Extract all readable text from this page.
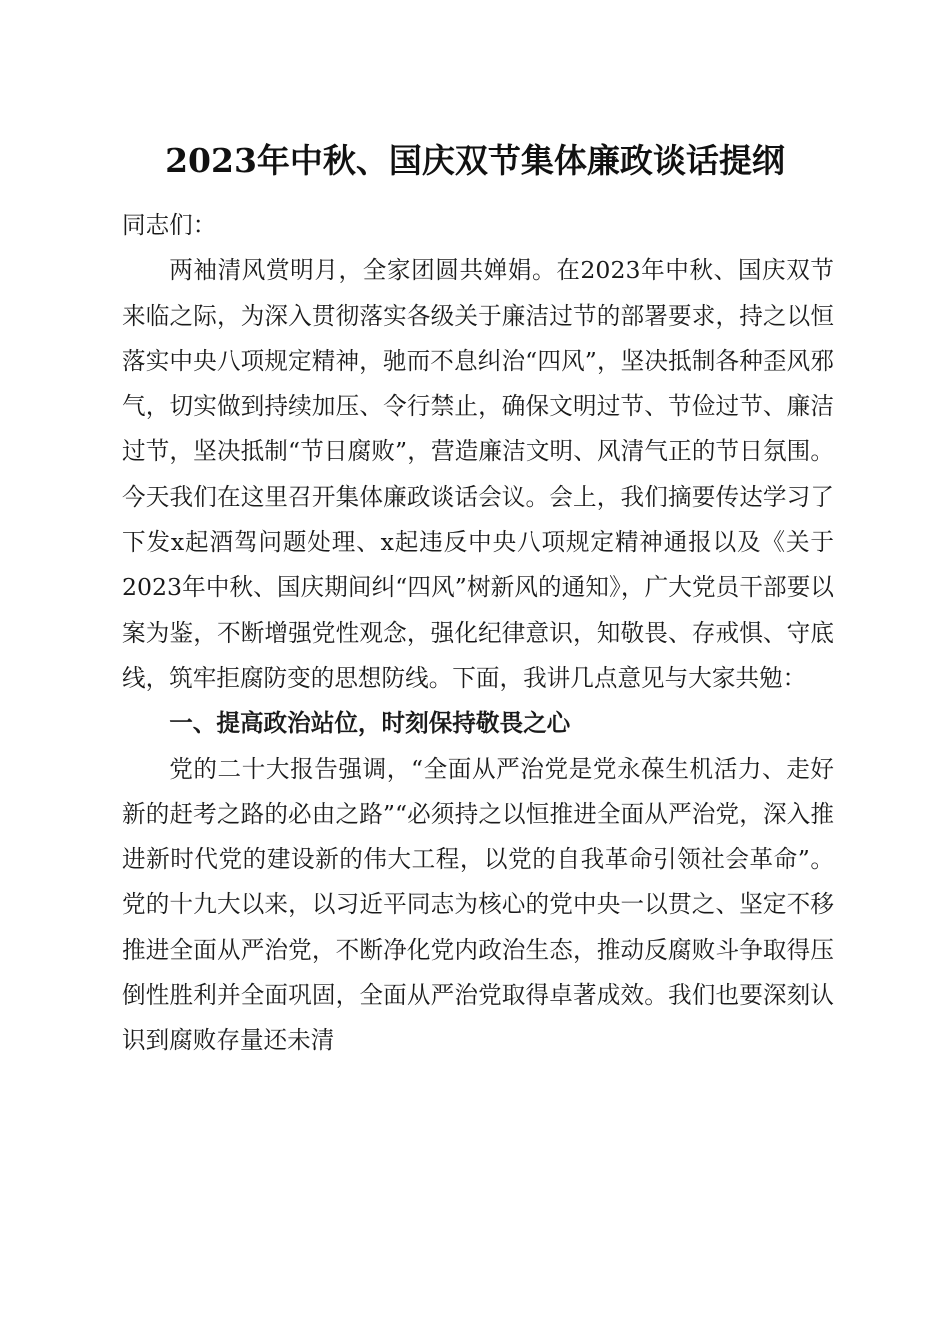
2023年中秋、国庆双节集体廉政谈话提纲

同志们：

两袖清风赏明月，全家团圆共婵娟。在2023年中秋、国庆双节来临之际，为深入贯彻落实各级关于廉洁过节的部署要求，持之以恒落实中央八项规定精神，驰而不息纠治“四风”，坚决抵制各种歪风邪气，切实做到持续加压、令行禁止，确保文明过节、节俭过节、廉洁过节，坚决抵制“节日腐败”，营造廉洁文明、风清气正的节日氛围。今天我们在这里召开集体廉政谈话会议。会上，我们摘要传达学习了下发x起酒驾问题处理、x起违反中央八项规定精神通报以及《关于2023年中秋、国庆期间纠“四风”树新风的通知》，广大党员干部要以案为鉴，不断增强党性观念，强化纪律意识，知敬畏、存戒惧、守底线，筑牢拒腐防变的思想防线。下面，我讲几点意见与大家共勉：

一、提高政治站位，时刻保持敬畏之心

党的二十大报告强调，“全面从严治党是党永葆生机活力、走好新的赶考之路的必由之路”“必须持之以恒推进全面从严治党，深入推进新时代党的建设新的伟大工程，以党的自我革命引领社会革命”。党的十九大以来，以习近平同志为核心的党中央一以贯之、坚定不移推进全面从严治党，不断净化党内政治生态，推动反腐败斗争取得压倒性胜利并全面巩固，全面从严治党取得卓著成效。我们也要深刻认识到腐败存量还未清
